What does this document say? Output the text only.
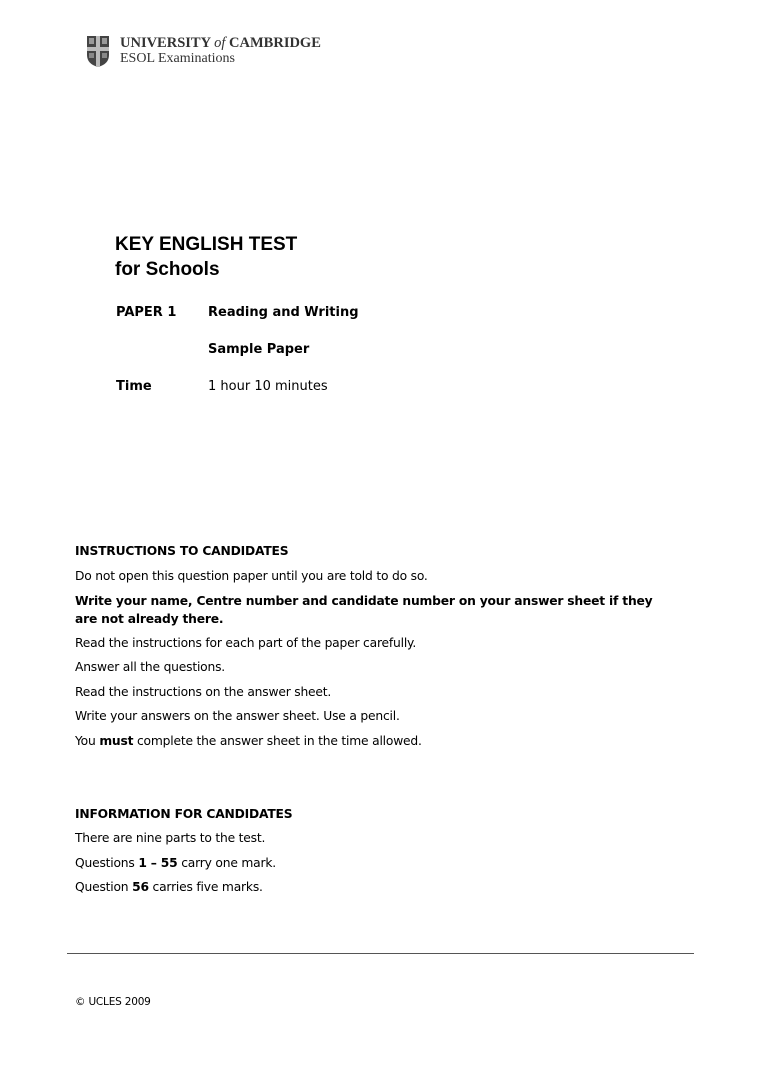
UNIVERSITY of CAMBRIDGE
ESOL Examinations
KEY ENGLISH TEST
for Schools
PAPER 1 Reading and Writing
Sample Paper
Time	1 hour 10 minutes
INSTRUCTIONS TO CANDIDATES
Do not open this question paper until you are told to do so.
Write your name, Centre number and candidate number on your answer sheet if they
are not already there.
Read the instructions for each part of the paper carefully.
Answer all the questions.
Read the instructions on the answer sheet.
Write your answers on the answer sheet. Use a pencil.
You must complete the answer sheet in the time allowed.
INFORMATION FOR CANDIDATES
There are nine parts to the test.
Questions 1 – 55 carry one mark.
Question 56 carries five marks.
© UCLES 2009
